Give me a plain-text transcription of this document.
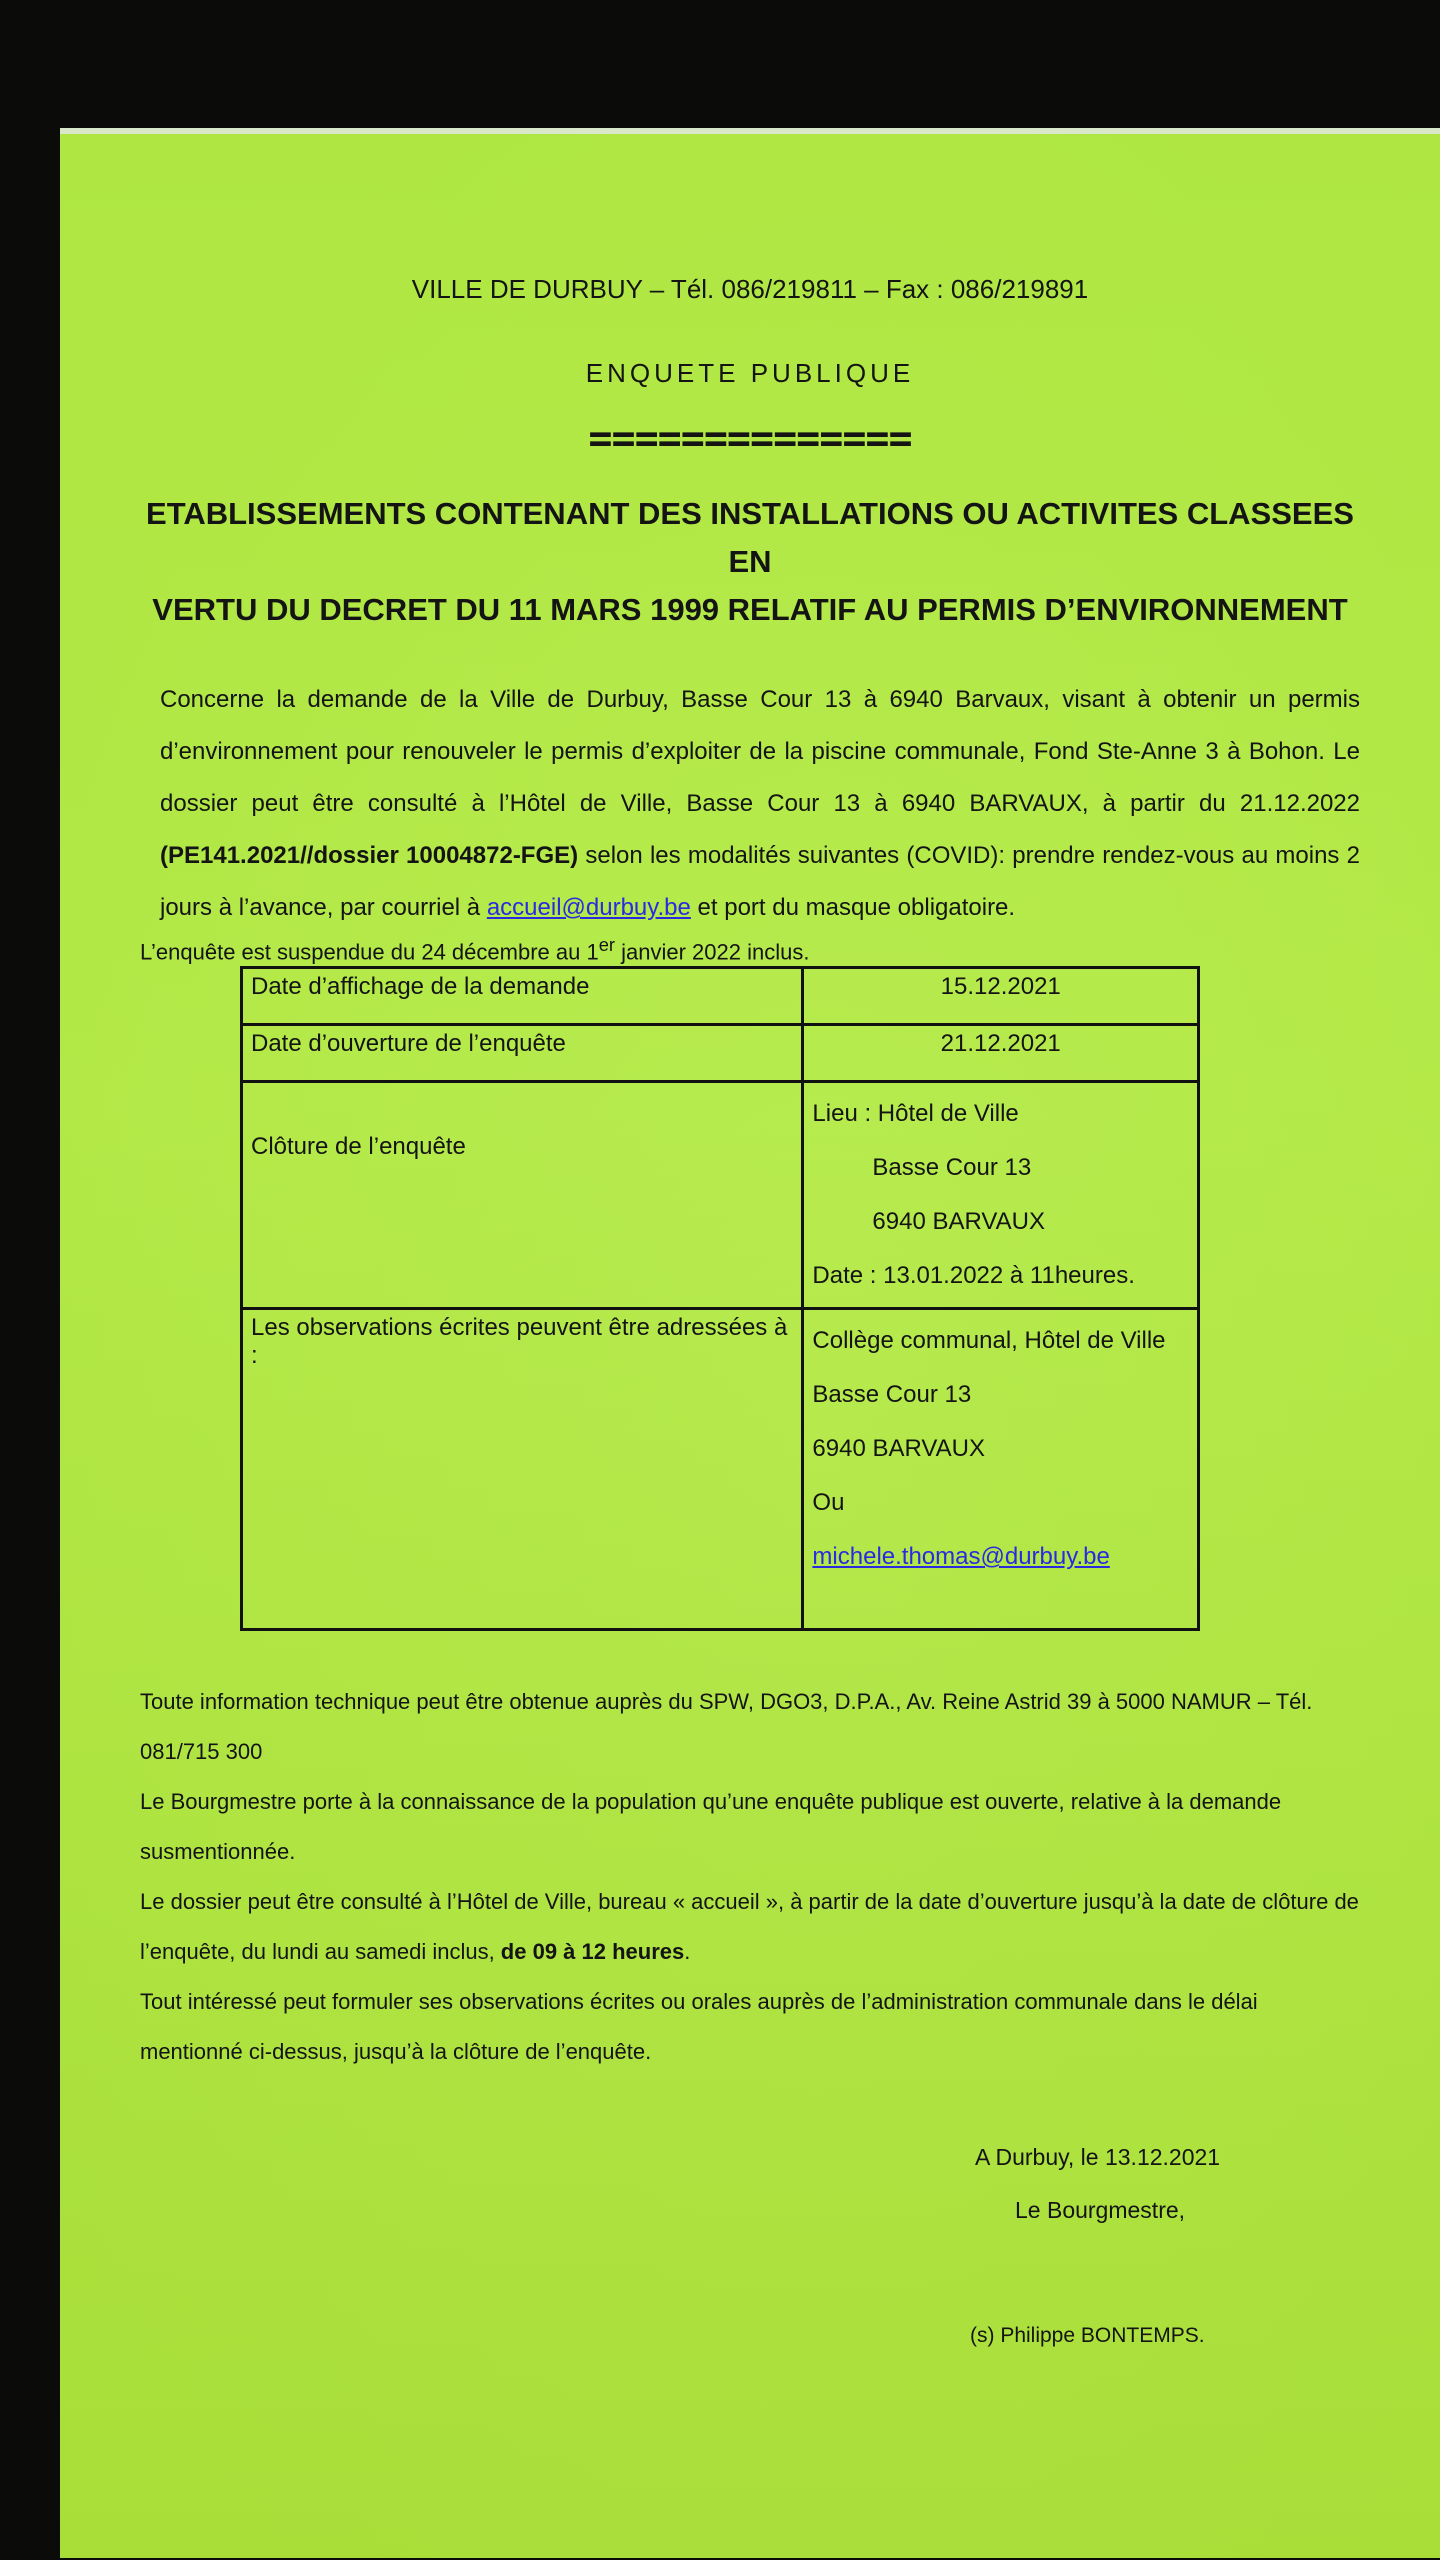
VILLE DE DURBUY – Tél. 086/219811 – Fax : 086/219891
ENQUETE PUBLIQUE
==============
ETABLISSEMENTS CONTENANT DES INSTALLATIONS OU ACTIVITES CLASSEES EN
VERTU DU DECRET DU 11 MARS 1999 RELATIF AU PERMIS D’ENVIRONNEMENT
Concerne la demande de la Ville de Durbuy, Basse Cour 13 à 6940 Barvaux, visant à obtenir un permis d’environnement pour renouveler le permis d’exploiter de la piscine communale, Fond Ste-Anne 3 à Bohon. Le dossier peut être consulté à l’Hôtel de Ville, Basse Cour 13 à 6940 BARVAUX, à partir du 21.12.2022 (PE141.2021//dossier 10004872-FGE) selon les modalités suivantes (COVID): prendre rendez-vous au moins 2 jours à l’avance, par courriel à accueil@durbuy.be et port du masque obligatoire.
L’enquête est suspendue du 24 décembre au 1er janvier 2022 inclus.
Date d’affichage de la demande	15.12.2021
Date d’ouverture de l’enquête	21.12.2021
Clôture de l’enquête	Lieu : Hôtel de Ville
Basse Cour 13
6940 BARVAUX
Date : 13.01.2022 à 11heures.

Les observations écrites peuvent être adressées à :	Collège communal, Hôtel de Ville
Basse Cour 13
6940 BARVAUX
Ou
michele.thomas@durbuy.be
Toute information technique peut être obtenue auprès du SPW, DGO3, D.P.A., Av. Reine Astrid 39 à 5000 NAMUR – Tél. 081/715 300
Le Bourgmestre porte à la connaissance de la population qu’une enquête publique est ouverte, relative à la demande susmentionnée.
Le dossier peut être consulté à l’Hôtel de Ville, bureau « accueil », à partir de la date d’ouverture jusqu’à la date de clôture de l’enquête, du lundi au samedi inclus, de 09 à 12 heures.
Tout intéressé peut formuler ses observations écrites ou orales auprès de l’administration communale dans le délai mentionné ci-dessus, jusqu’à la clôture de l’enquête.
A Durbuy, le 13.12.2021
Le Bourgmestre,
(s) Philippe BONTEMPS.
